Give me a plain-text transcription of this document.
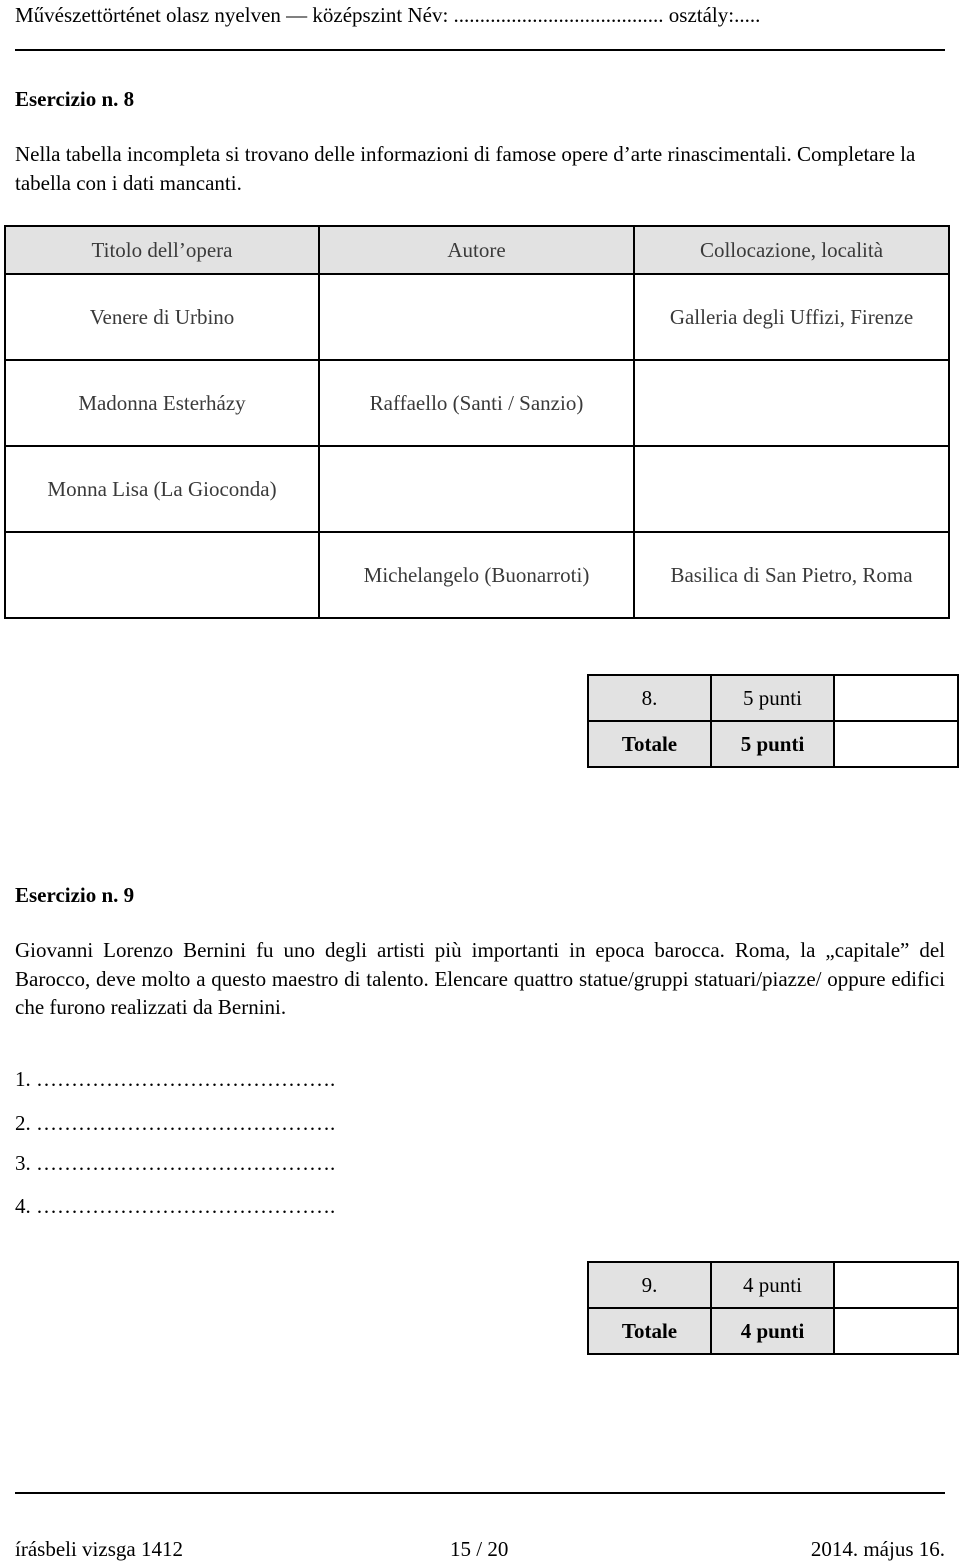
Művészettörténet olasz nyelven — középszint Név: ........................................ osztály:.....
Esercizio n. 8
Nella tabella incompleta si trovano delle informazioni di famose opere d’arte rinascimentali. Completare la tabella con i dati mancanti.
Titolo dell’opera	Autore	Collocazione, località
Venere di Urbino		Galleria degli Uffizi, Firenze
Madonna Esterházy	Raffaello (Santi / Sanzio)	
Monna Lisa (La Gioconda)		
	Michelangelo (Buonarroti)	Basilica di San Pietro, Roma
8.	5 punti	
Totale	5 punti	
Esercizio n. 9
Giovanni Lorenzo Bernini fu uno degli artisti più importanti in epoca barocca. Roma, la „capitale” del Barocco, deve molto a questo maestro di talento. Elencare quattro statue/gruppi statuari/piazze/ oppure edifici che furono realizzati da Bernini.
1. …………………………………….
2. …………………………………….
3. …………………………………….
4. …………………………………….
9.	4 punti	
Totale	4 punti	
írásbeli vizsga 1412	15 / 20	2014. május 16.
